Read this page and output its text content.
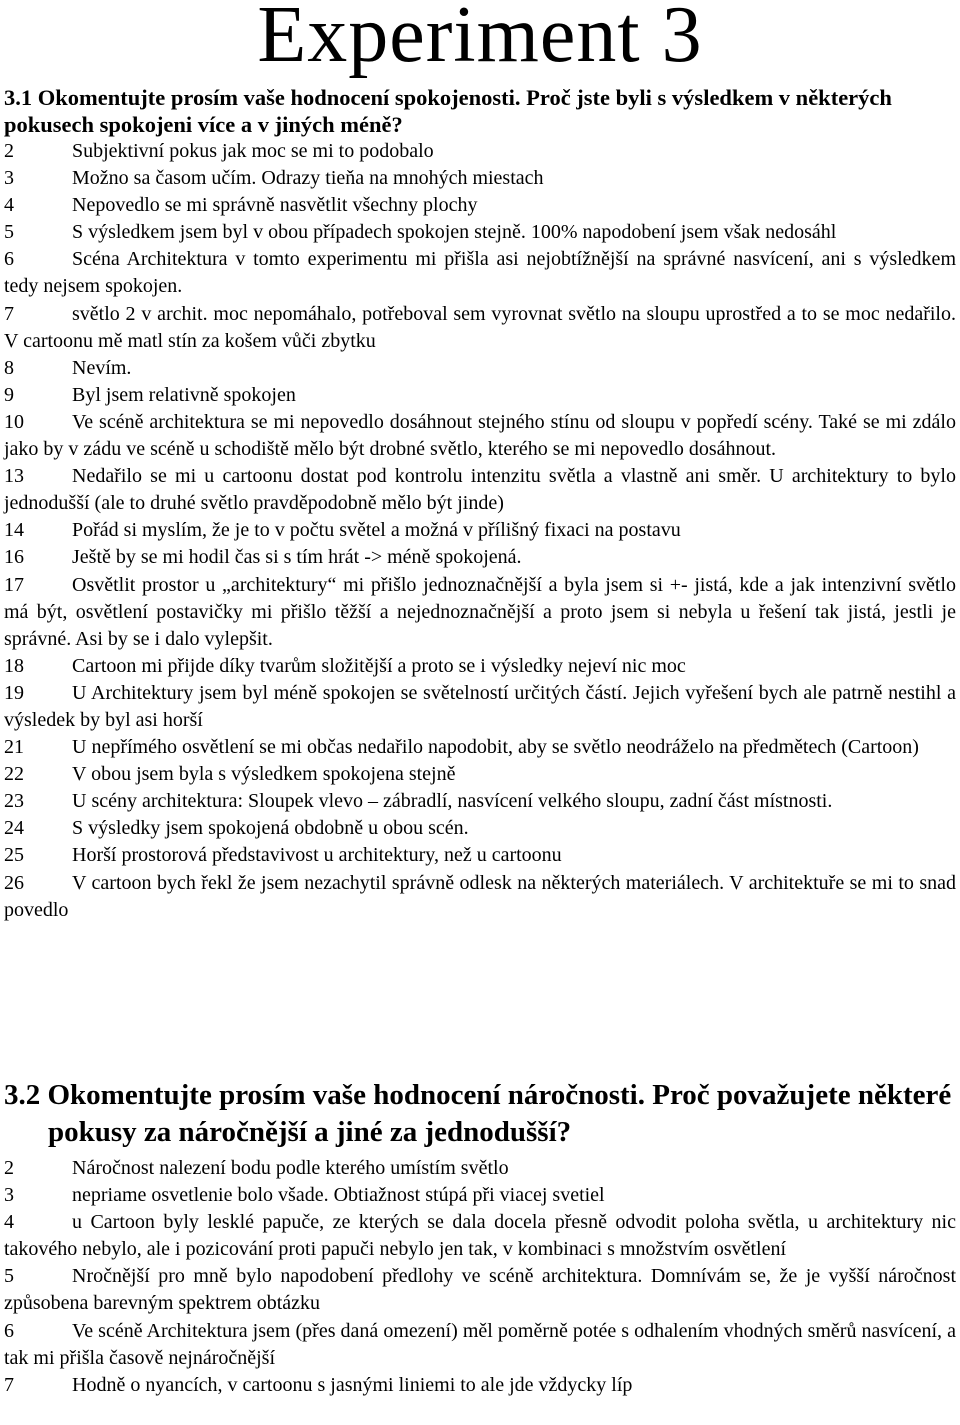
Experiment 3
3.1 Okomentujte prosím vaše hodnocení spokojenosti. Proč jste byli s výsledkem v některých pokusech spokojeni více a v jiných méně?
2	Subjektivní pokus jak moc se mi to podobalo
3	Možno sa časom učím. Odrazy tieňa na mnohých miestach
4	Nepovedlo se mi správně nasvětlit všechny plochy
5	S výsledkem jsem byl v obou případech spokojen stejně. 100% napodobení jsem však nedosáhl
6	Scéna Architektura v tomto experimentu mi přišla asi nejobtížnější na správné nasvícení, ani s výsledkem tedy nejsem spokojen.
7	světlo 2 v archit. moc nepomáhalo, potřeboval sem vyrovnat světlo na sloupu uprostřed a to se moc nedařilo. V cartoonu mě matl stín za košem vůči zbytku
8	Nevím.
9	Byl jsem relativně spokojen
10 Ve scéně architektura se mi nepovedlo dosáhnout stejného stínu od sloupu v popředí scény. Také se mi zdálo jako by v zádu ve scéně u schodiště mělo být drobné světlo, kterého se mi nepovedlo dosáhnout.
13 Nedařilo se mi u cartoonu dostat pod kontrolu intenzitu světla a vlastně ani směr. U architektury to bylo jednodušší (ale to druhé světlo pravděpodobně mělo být jinde)
14 Pořád si myslím, že je to v počtu světel a možná v přílišný fixaci na postavu
16 Ještě by se mi hodil čas si s tím hrát -> méně spokojená.
17 Osvětlit prostor u „architektury“ mi přišlo jednoznačnější a byla jsem si +- jistá, kde a jak intenzivní světlo má být, osvětlení postavičky mi přišlo těžší a nejednoznačnější a proto jsem si nebyla u řešení tak jistá, jestli je správné. Asi by se i dalo vylepšit.
18 Cartoon mi přijde díky tvarům složitější a proto se i výsledky nejeví nic moc
19 U Architektury jsem byl méně spokojen se světelností určitých částí. Jejich vyřešení bych ale patrně nestihl a výsledek by byl asi horší
21 U nepřímého osvětlení se mi občas nedařilo napodobit, aby se světlo neodráželo na předmětech (Cartoon)
22 V obou jsem byla s výsledkem spokojena stejně
23 U scény architektura: Sloupek vlevo – zábradlí, nasvícení velkého sloupu, zadní část místnosti.
24 S výsledky jsem spokojená obdobně u obou scén.
25 Horší prostorová představivost u architektury, než u cartoonu
26 V cartoon bych řekl že jsem nezachytil správně odlesk na některých materiálech. V architektuře se mi to snad povedlo
3.2 Okomentujte prosím vaše hodnocení náročnosti. Proč považujete některé pokusy za náročnější a jiné za jednodušší?
2	Náročnost nalezení bodu podle kterého umístím světlo
3	nepriame osvetlenie bolo všade. Obtiažnost stúpá při viacej svetiel
4	u Cartoon byly lesklé papuče, ze kterých se dala docela přesně odvodit poloha světla, u architektury nic takového nebylo, ale i pozicování proti papuči nebylo jen tak, v kombinaci s množstvím osvětlení
5	Nročnější pro mně bylo napodobení předlohy ve scéně architektura. Domnívám se, že je vyšší náročnost způsobena barevným spektrem obtázku
6	Ve scéně Architektura jsem (přes daná omezení) měl poměrně potée s odhalením vhodných směrů nasvícení, a tak mi přišla časově nejnáročnější
7	Hodně o nyancích, v cartoonu s jasnými liniemi to ale jde vždycky líp
